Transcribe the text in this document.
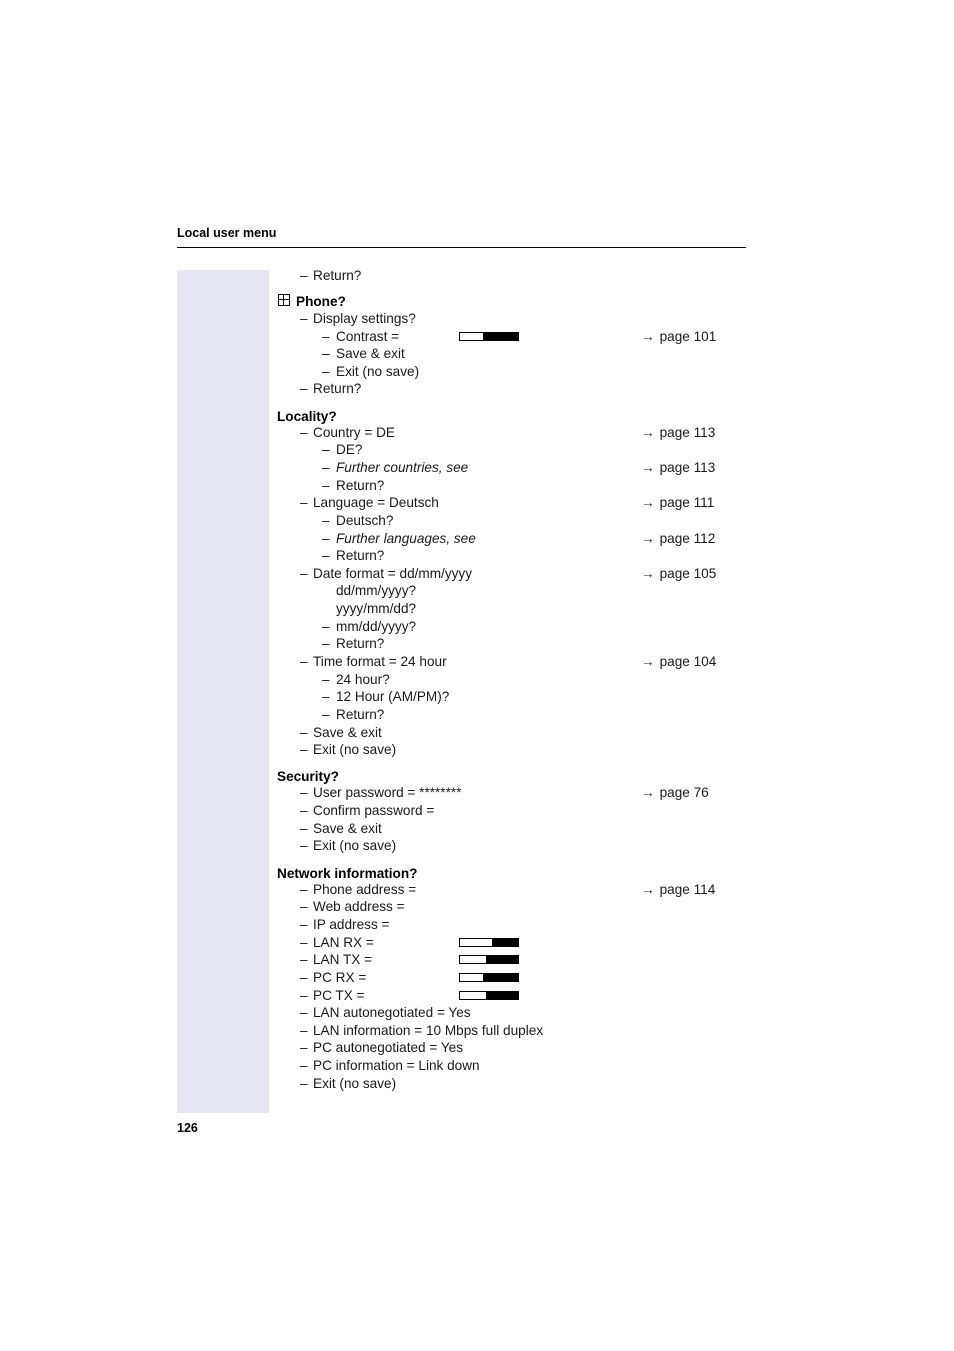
Local user menu
– Return?
Phone?
– Display settings?
– Contrast =	→ page 101
– Save & exit
– Exit (no save)
– Return?
Locality?
– Country = DE	→ page 113
– DE?
– Further countries, see	→ page 113
– Return?
– Language = Deutsch	→ page 111
– Deutsch?
– Further languages, see	→ page 112
– Return?
– Date format = dd/mm/yyyy	→ page 105
dd/mm/yyyy?
yyyy/mm/dd?
– mm/dd/yyyy?
– Return?
– Time format = 24 hour	→ page 104
– 24 hour?
– 12 Hour (AM/PM)?
– Return?
– Save & exit
– Exit (no save)
Security?
– User password = ********	→ page 76
– Confirm password =
– Save & exit
– Exit (no save)
Network information?
– Phone address =	→ page 114
– Web address =
– IP address =
– LAN RX =
– LAN TX =
– PC RX =
– PC TX =
– LAN autonegotiated = Yes
– LAN information = 10 Mbps full duplex
– PC autonegotiated = Yes
– PC information = Link down
– Exit (no save)
126
